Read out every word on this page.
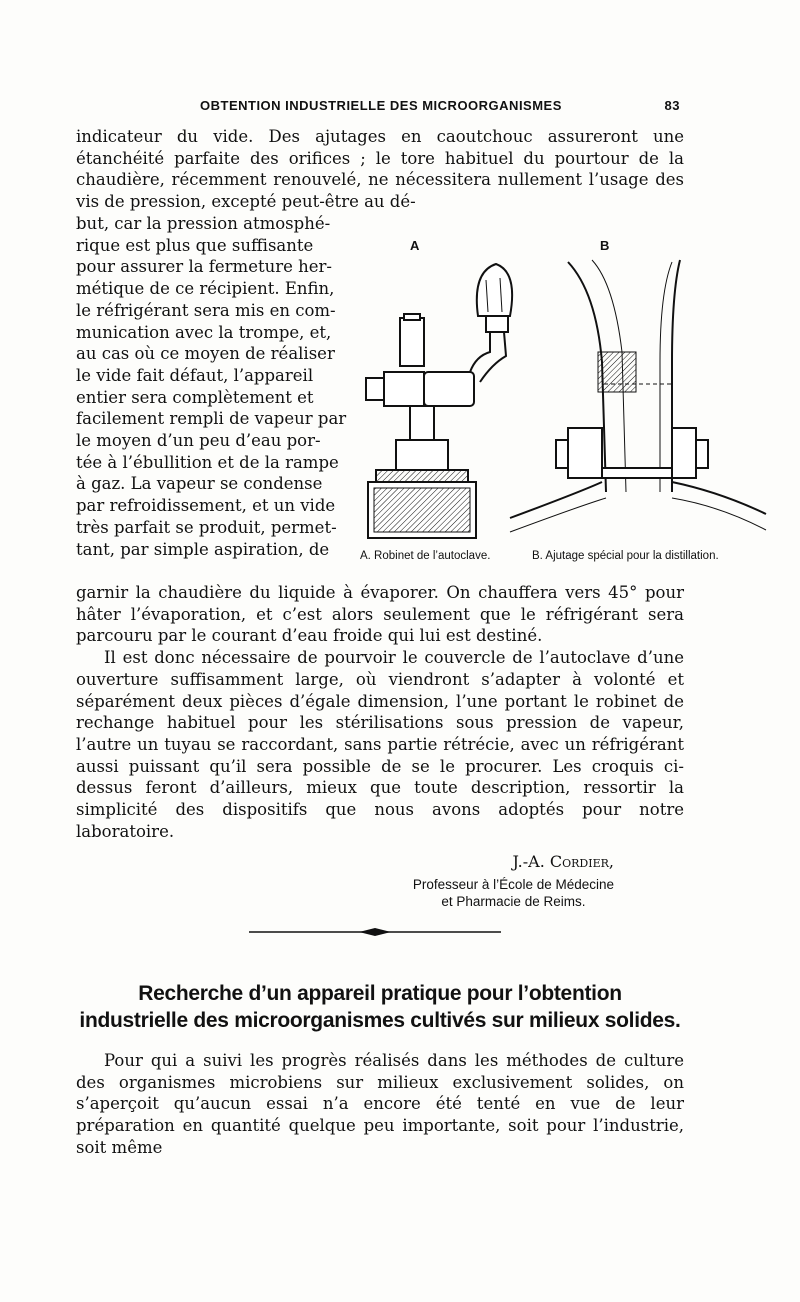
OBTENTION INDUSTRIELLE DES MICROORGANISMES	83

indicateur du vide. Des ajutages en caoutchouc assureront une étanchéité parfaite des orifices ; le tore habituel du pourtour de la chaudière, récemment renouvelé, ne nécessitera nullement l’usage des vis de pression, excepté peut-être au dé-

but, car la pression atmosphé-

rique est plus que suffisante

pour assurer la fermeture her-

métique de ce récipient. Enfin,

le réfrigérant sera mis en com-

munication avec la trompe, et,

au cas où ce moyen de réaliser

le vide fait défaut, l’appareil

entier sera complètement et

facilement rempli de vapeur par

le moyen d’un peu d’eau por-

tée à l’ébullition et de la rampe

à gaz. La vapeur se condense

par refroidissement, et un vide

très parfait se produit, permet-

tant, par simple aspiration, de

A	B
A. Robinet de l’autoclave.	B. Ajutage spécial pour la distillation.

garnir la chaudière du liquide à évaporer. On chauffera vers 45° pour hâter l’évaporation, et c’est alors seulement que le réfrigérant sera parcouru par le courant d’eau froide qui lui est destiné.

Il est donc nécessaire de pourvoir le couvercle de l’autoclave d’une ouverture suffisamment large, où viendront s’adapter à volonté et séparément deux pièces d’égale dimension, l’une portant le robinet de rechange habituel pour les stérilisations sous pression de vapeur, l’autre un tuyau se raccordant, sans partie rétrécie, avec un réfrigérant aussi puissant qu’il sera possible de se le procurer. Les croquis ci-dessus feront d’ailleurs, mieux que toute description, ressortir la simplicité des dispositifs que nous avons adoptés pour notre laboratoire.

J.-A. Cordier,
Professeur à l’École de Médecine
et Pharmacie de Reims.
Recherche d’un appareil pratique pour l’obtention
industrielle des microorganismes cultivés sur milieux solides.

Pour qui a suivi les progrès réalisés dans les méthodes de culture des organismes microbiens sur milieux exclusivement solides, on s’aperçoit qu’aucun essai n’a encore été tenté en vue de leur préparation en quantité quelque peu importante, soit pour l’industrie, soit même
